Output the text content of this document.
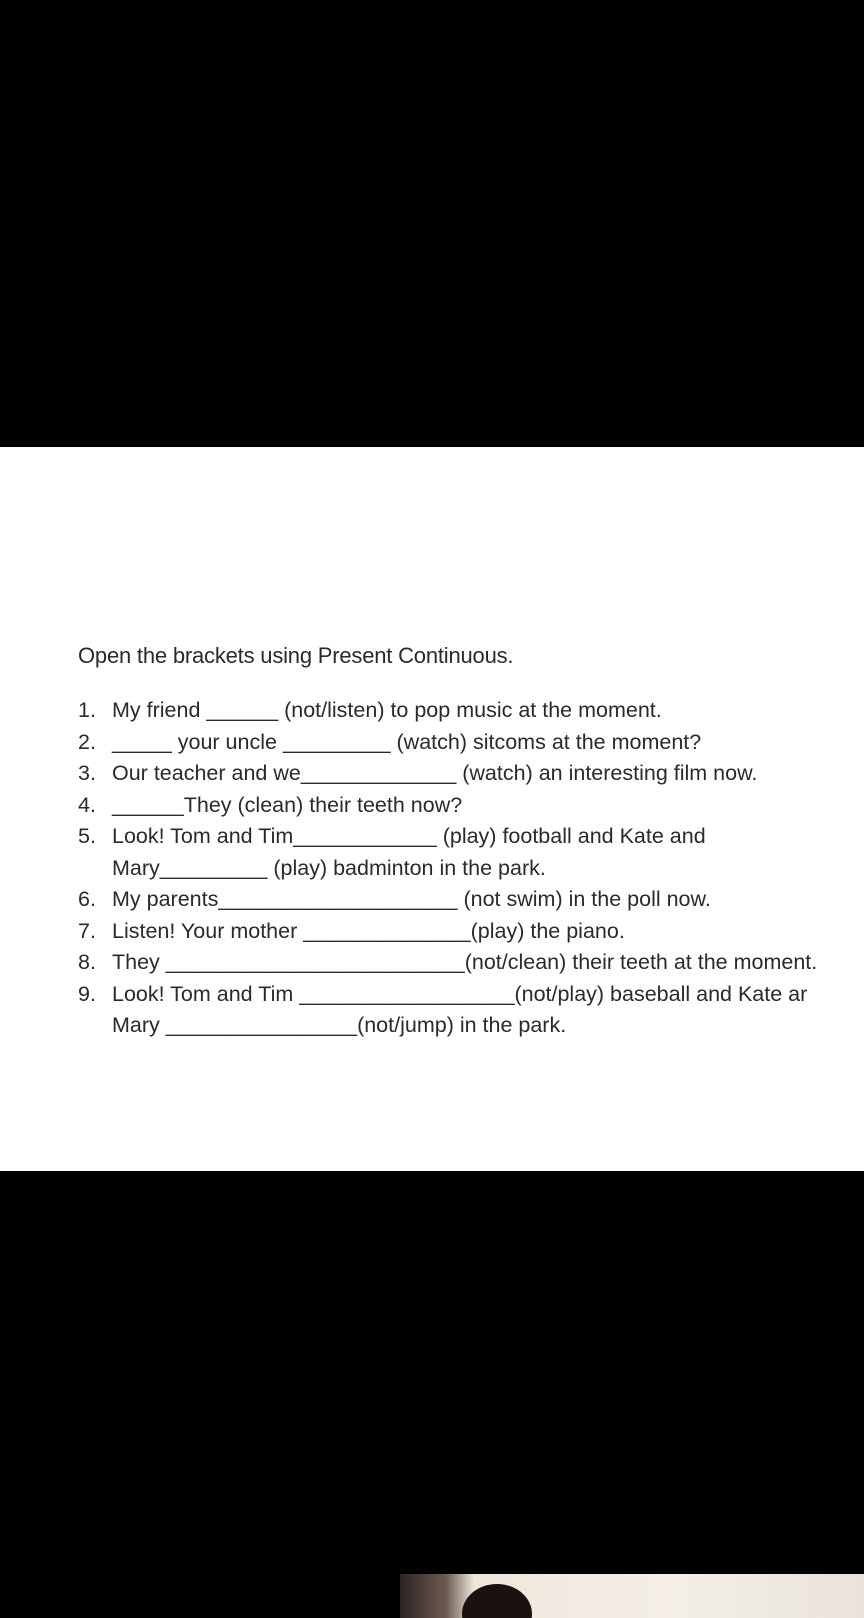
Open the brackets using Present Continuous.
1. My friend ______ (not/listen) to pop music at the moment.
2. _____ your uncle _________ (watch) sitcoms at the moment?
3. Our teacher and we_____________ (watch) an interesting film now.
4. ______They (clean) their teeth now?
5. Look! Tom and Tim____________ (play) football and Kate and
Mary_________ (play) badminton in the park.
6. My parents____________________ (not swim) in the poll now.
7. Listen! Your mother ______________(play) the piano.
8. They _________________________(not/clean) their teeth at the moment.
9. Look! Tom and Tim __________________(not/play) baseball and Kate ar
Mary ________________(not/jump) in the park.
